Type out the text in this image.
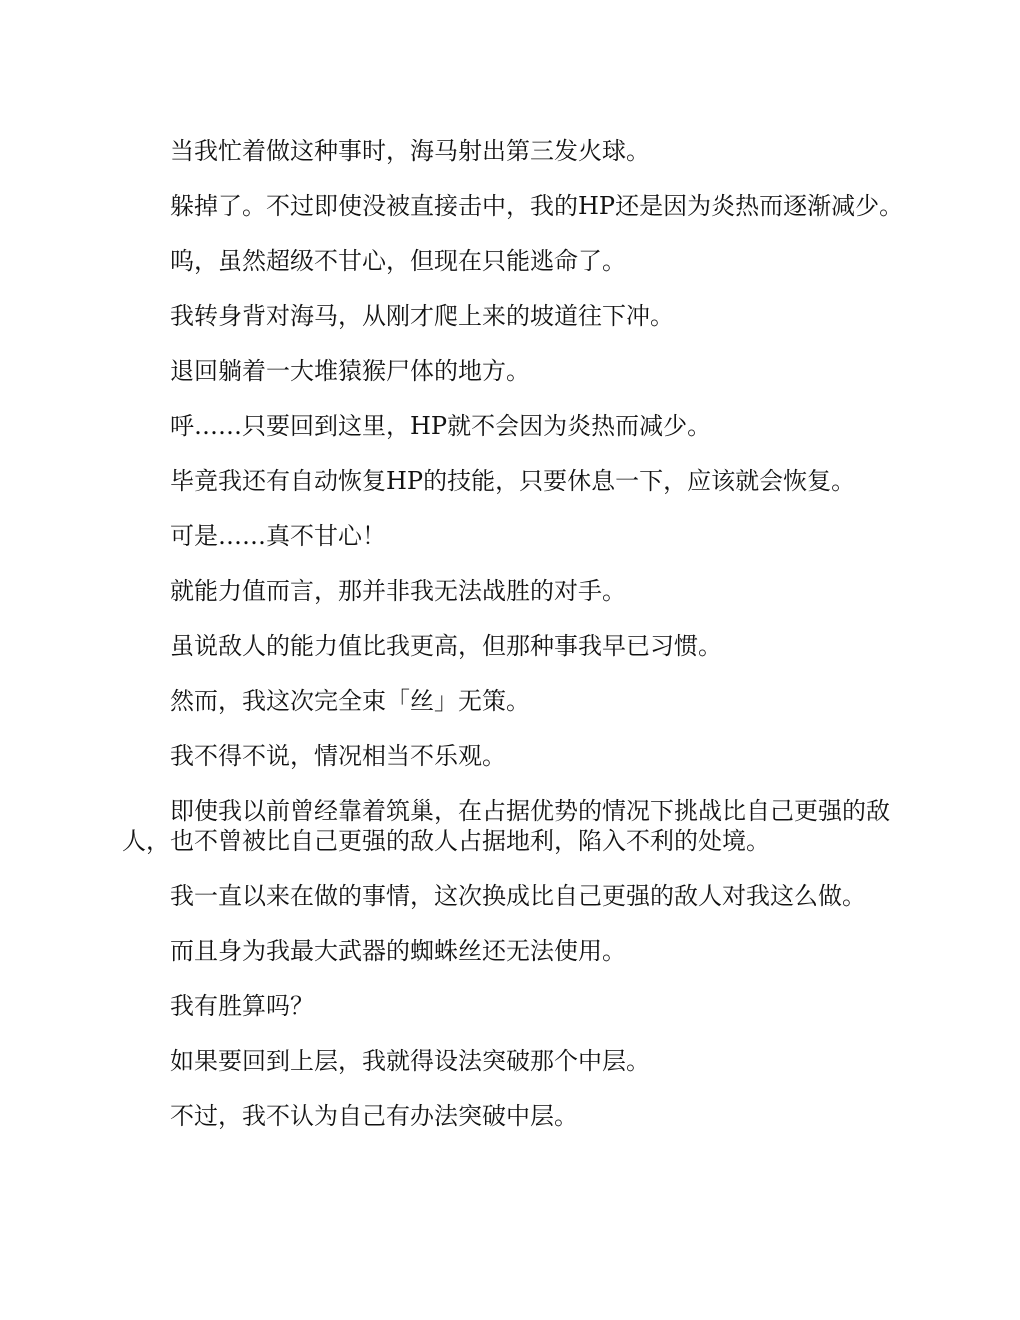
当我忙着做这种事时，海马射出第三发火球。

躲掉了。不过即使没被直接击中，我的HP还是因为炎热而逐渐减少。

呜，虽然超级不甘心，但现在只能逃命了。

我转身背对海马，从刚才爬上来的坡道往下冲。

退回躺着一大堆猿猴尸体的地方。

呼……只要回到这里，HP就不会因为炎热而减少。

毕竟我还有自动恢复HP的技能，只要休息一下，应该就会恢复。

可是……真不甘心！

就能力值而言，那并非我无法战胜的对手。

虽说敌人的能力值比我更高，但那种事我早已习惯。

然而，我这次完全束「丝」无策。

我不得不说，情况相当不乐观。

即使我以前曾经靠着筑巢，在占据优势的情况下挑战比自己更强的敌人，也不曾被比自己更强的敌人占据地利，陷入不利的处境。

我一直以来在做的事情，这次换成比自己更强的敌人对我这么做。

而且身为我最大武器的蜘蛛丝还无法使用。

我有胜算吗？

如果要回到上层，我就得设法突破那个中层。

不过，我不认为自己有办法突破中层。
